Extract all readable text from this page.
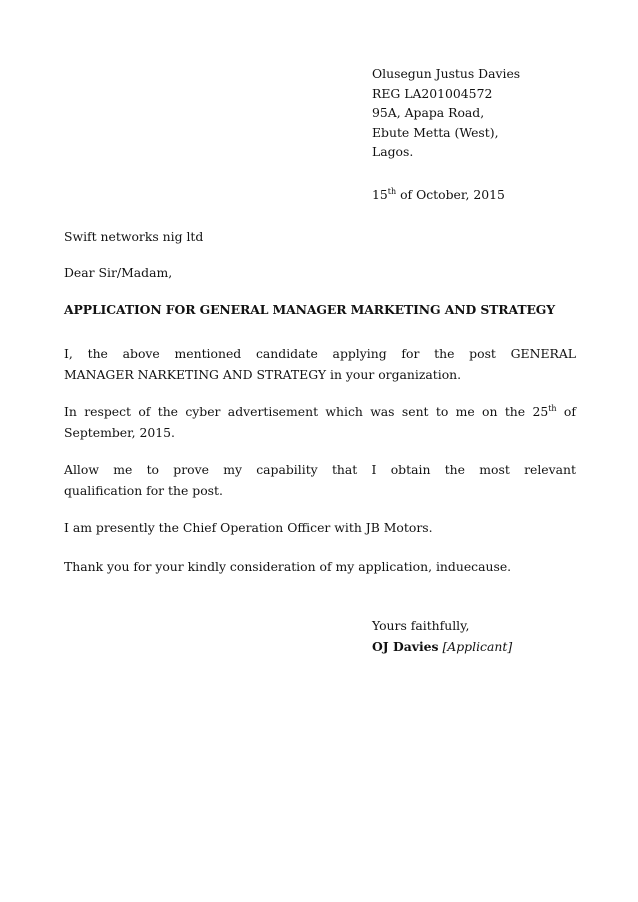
Olusegun Justus Davies
REG LA201004572
95A, Apapa Road,
Ebute Metta (West),
Lagos.
15th of October, 2015

Swift networks nig ltd

Dear Sir/Madam,

APPLICATION FOR GENERAL MANAGER MARKETING AND STRATEGY

I, the above mentioned candidate applying for the post GENERAL

MANAGER NARKETING AND STRATEGY in your organization.

In respect of the cyber advertisement which was sent to me on the 25th of

September, 2015.

Allow me to prove my capability that I obtain the most relevant

qualification for the post.

I am presently the Chief Operation Officer with JB Motors.

Thank you for your kindly consideration of my application, induecause.

Yours faithfully,
OJ Davies [Applicant]
